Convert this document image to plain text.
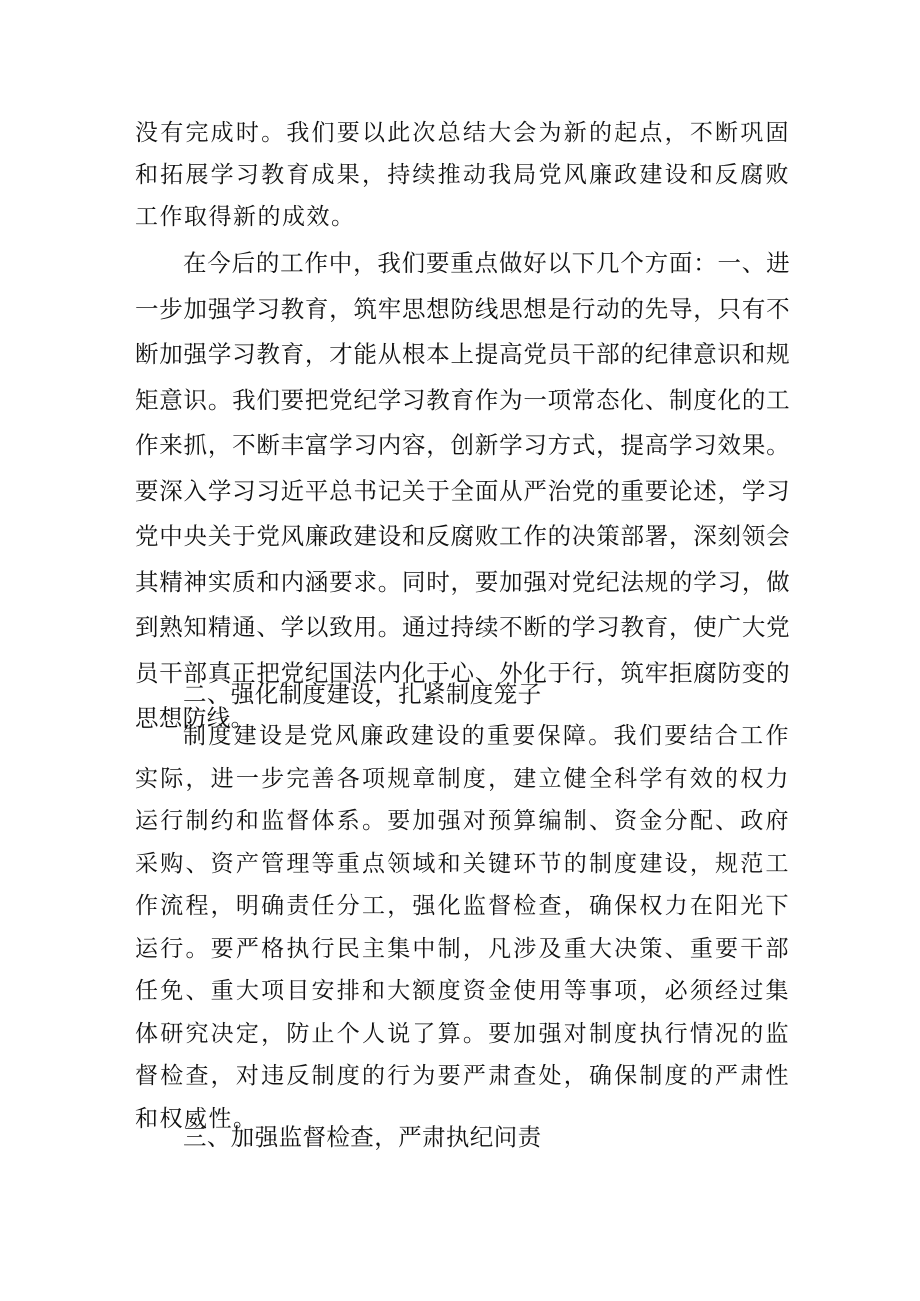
没有完成时。我们要以此次总结大会为新的起点，不断巩固和拓展学习教育成果，持续推动我局党风廉政建设和反腐败工作取得新的成效。

在今后的工作中，我们要重点做好以下几个方面：一、进一步加强学习教育，筑牢思想防线思想是行动的先导，只有不断加强学习教育，才能从根本上提高党员干部的纪律意识和规矩意识。我们要把党纪学习教育作为一项常态化、制度化的工作来抓，不断丰富学习内容，创新学习方式，提高学习效果。要深入学习习近平总书记关于全面从严治党的重要论述，学习党中央关于党风廉政建设和反腐败工作的决策部署，深刻领会其精神实质和内涵要求。同时，要加强对党纪法规的学习，做到熟知精通、学以致用。通过持续不断的学习教育，使广大党员干部真正把党纪国法内化于心、外化于行，筑牢拒腐防变的思想防线。

二、强化制度建设，扎紧制度笼子

制度建设是党风廉政建设的重要保障。我们要结合工作实际，进一步完善各项规章制度，建立健全科学有效的权力运行制约和监督体系。要加强对预算编制、资金分配、政府采购、资产管理等重点领域和关键环节的制度建设，规范工作流程，明确责任分工，强化监督检查，确保权力在阳光下运行。要严格执行民主集中制，凡涉及重大决策、重要干部任免、重大项目安排和大额度资金使用等事项，必须经过集体研究决定，防止个人说了算。要加强对制度执行情况的监督检查，对违反制度的行为要严肃查处，确保制度的严肃性和权威性。

三、加强监督检查，严肃执纪问责
